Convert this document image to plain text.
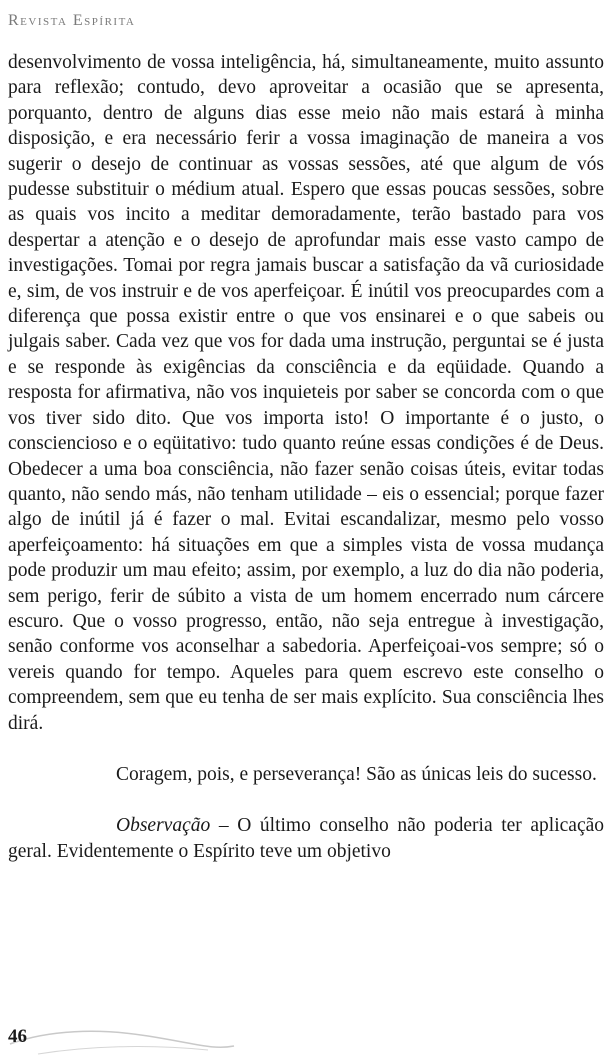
Revista Espírita

desenvolvimento de vossa inteligência, há, simultaneamente, muito assunto para reflexão; contudo, devo aproveitar a ocasião que se apresenta, porquanto, dentro de alguns dias esse meio não mais estará à minha disposição, e era necessário ferir a vossa imaginação de maneira a vos sugerir o desejo de continuar as vossas sessões, até que algum de vós pudesse substituir o médium atual. Espero que essas poucas sessões, sobre as quais vos incito a meditar demoradamente, terão bastado para vos despertar a atenção e o desejo de aprofundar mais esse vasto campo de investigações. Tomai por regra jamais buscar a satisfação da vã curiosidade e, sim, de vos instruir e de vos aperfeiçoar. É inútil vos preocupardes com a diferença que possa existir entre o que vos ensinarei e o que sabeis ou julgais saber. Cada vez que vos for dada uma instrução, perguntai se é justa e se responde às exigências da consciência e da eqüidade. Quando a resposta for afirmativa, não vos inquieteis por saber se concorda com o que vos tiver sido dito. Que vos importa isto! O importante é o justo, o consciencioso e o eqüitativo: tudo quanto reúne essas condições é de Deus. Obedecer a uma boa consciência, não fazer senão coisas úteis, evitar todas quanto, não sendo más, não tenham utilidade – eis o essencial; porque fazer algo de inútil já é fazer o mal. Evitai escandalizar, mesmo pelo vosso aperfeiçoamento: há situações em que a simples vista de vossa mudança pode produzir um mau efeito; assim, por exemplo, a luz do dia não poderia, sem perigo, ferir de súbito a vista de um homem encerrado num cárcere escuro. Que o vosso progresso, então, não seja entregue à investigação, senão conforme vos aconselhar a sabedoria. Aperfeiçoai-vos sempre; só o vereis quando for tempo. Aqueles para quem escrevo este conselho o compreendem, sem que eu tenha de ser mais explícito. Sua consciência lhes dirá.

Coragem, pois, e perseverança! São as únicas leis do sucesso.

Observação – O último conselho não poderia ter aplicação geral. Evidentemente o Espírito teve um objetivo

46
